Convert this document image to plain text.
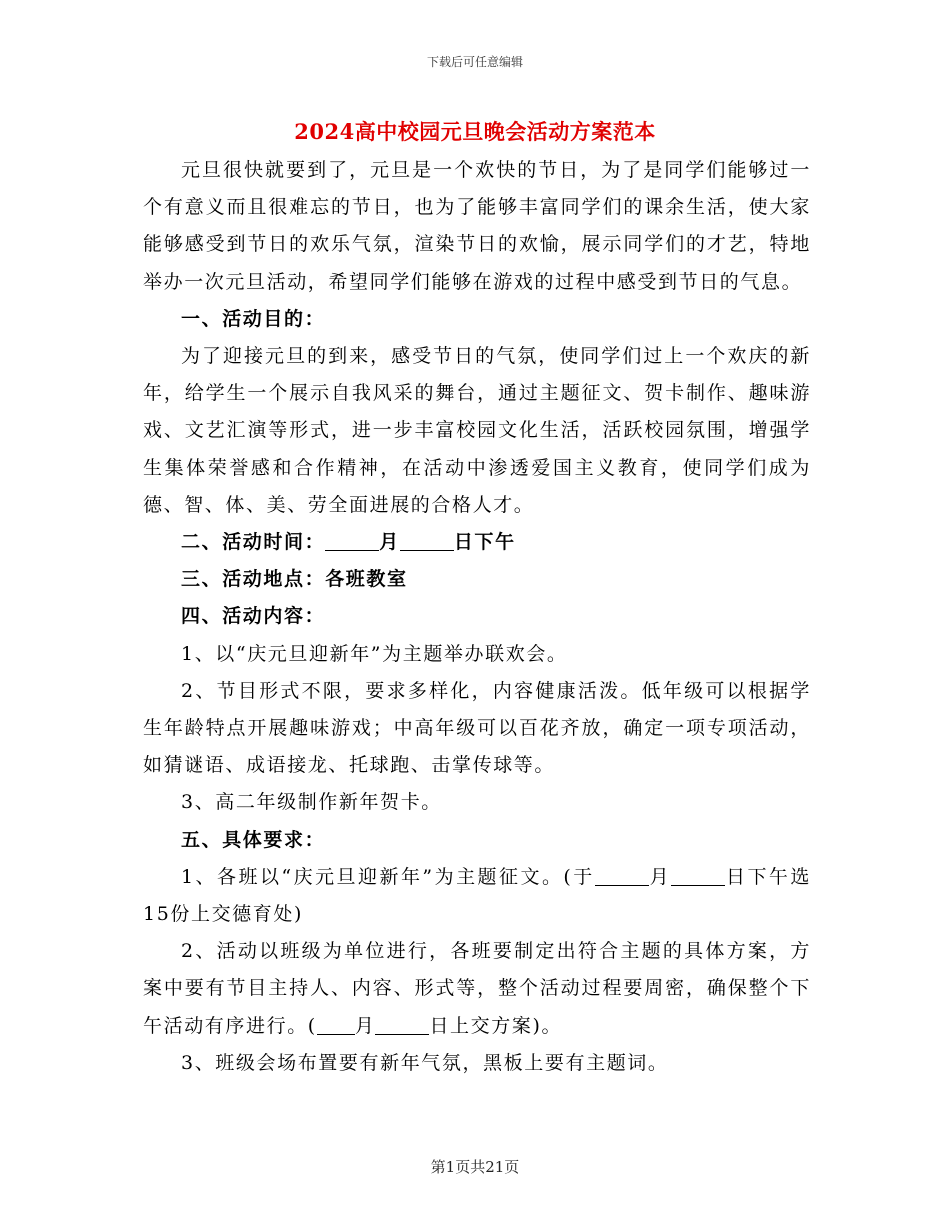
下载后可任意编辑
2024高中校园元旦晚会活动方案范本

元旦很快就要到了，元旦是一个欢快的节日，为了是同学们能够过一个有意义而且很难忘的节日，也为了能够丰富同学们的课余生活，使大家能够感受到节日的欢乐气氛，渲染节日的欢愉，展示同学们的才艺，特地举办一次元旦活动，希望同学们能够在游戏的过程中感受到节日的气息。

一、活动目的：

为了迎接元旦的到来，感受节日的气氛，使同学们过上一个欢庆的新年，给学生一个展示自我风采的舞台，通过主题征文、贺卡制作、趣味游戏、文艺汇演等形式，进一步丰富校园文化生活，活跃校园氛围，增强学生集体荣誉感和合作精神，在活动中渗透爱国主义教育，使同学们成为德、智、体、美、劳全面进展的合格人才。

二、活动时间：	月	日下午

三、活动地点：各班教室

四、活动内容：

1、以“庆元旦迎新年”为主题举办联欢会。

2、节目形式不限，要求多样化，内容健康活泼。低年级可以根据学生年龄特点开展趣味游戏；中高年级可以百花齐放，确定一项专项活动，如猜谜语、成语接龙、托球跑、击掌传球等。

3、高二年级制作新年贺卡。

五、具体要求：

1、各班以“庆元旦迎新年”为主题征文。(于	月	日下午选15份上交德育处)

2、活动以班级为单位进行，各班要制定出符合主题的具体方案，方案中要有节目主持人、内容、形式等，整个活动过程要周密，确保整个下午活动有序进行。( 月	日上交方案)。

3、班级会场布置要有新年气氛，黑板上要有主题词。

第1页共21页
